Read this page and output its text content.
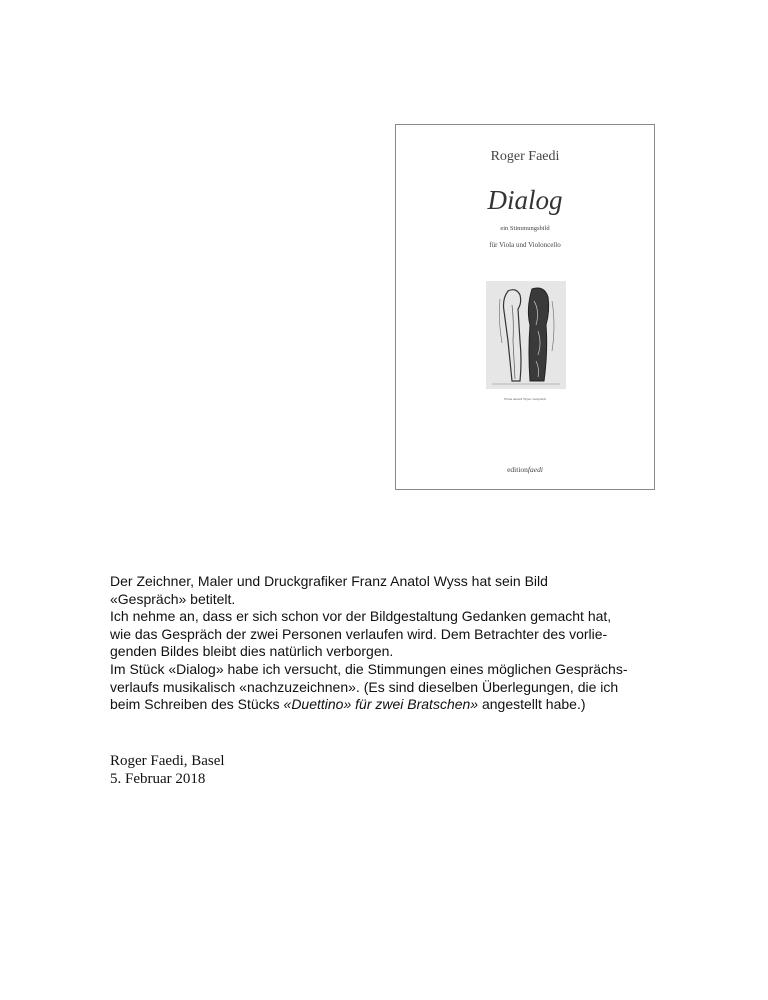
Roger Faedi
Dialog
ein Stimmungsbild
für Viola und Violoncello
Franz Anatol Wyss: Gespräch
editionfaedi

Der Zeichner, Maler und Druckgrafiker Franz Anatol Wyss hat sein Bild

«Gespräch» betitelt.

Ich nehme an, dass er sich schon vor der Bildgestaltung Gedanken gemacht hat,

wie das Gespräch der zwei Personen verlaufen wird. Dem Betrachter des vorlie-

genden Bildes bleibt dies natürlich verborgen.

Im Stück «Dialog» habe ich versucht, die Stimmungen eines möglichen Gesprächs-

verlaufs musikalisch «nachzuzeichnen». (Es sind dieselben Überlegungen, die ich

beim Schreiben des Stücks «Duettino» für zwei Bratschen» angestellt habe.)

Roger Faedi, Basel

5. Februar 2018
